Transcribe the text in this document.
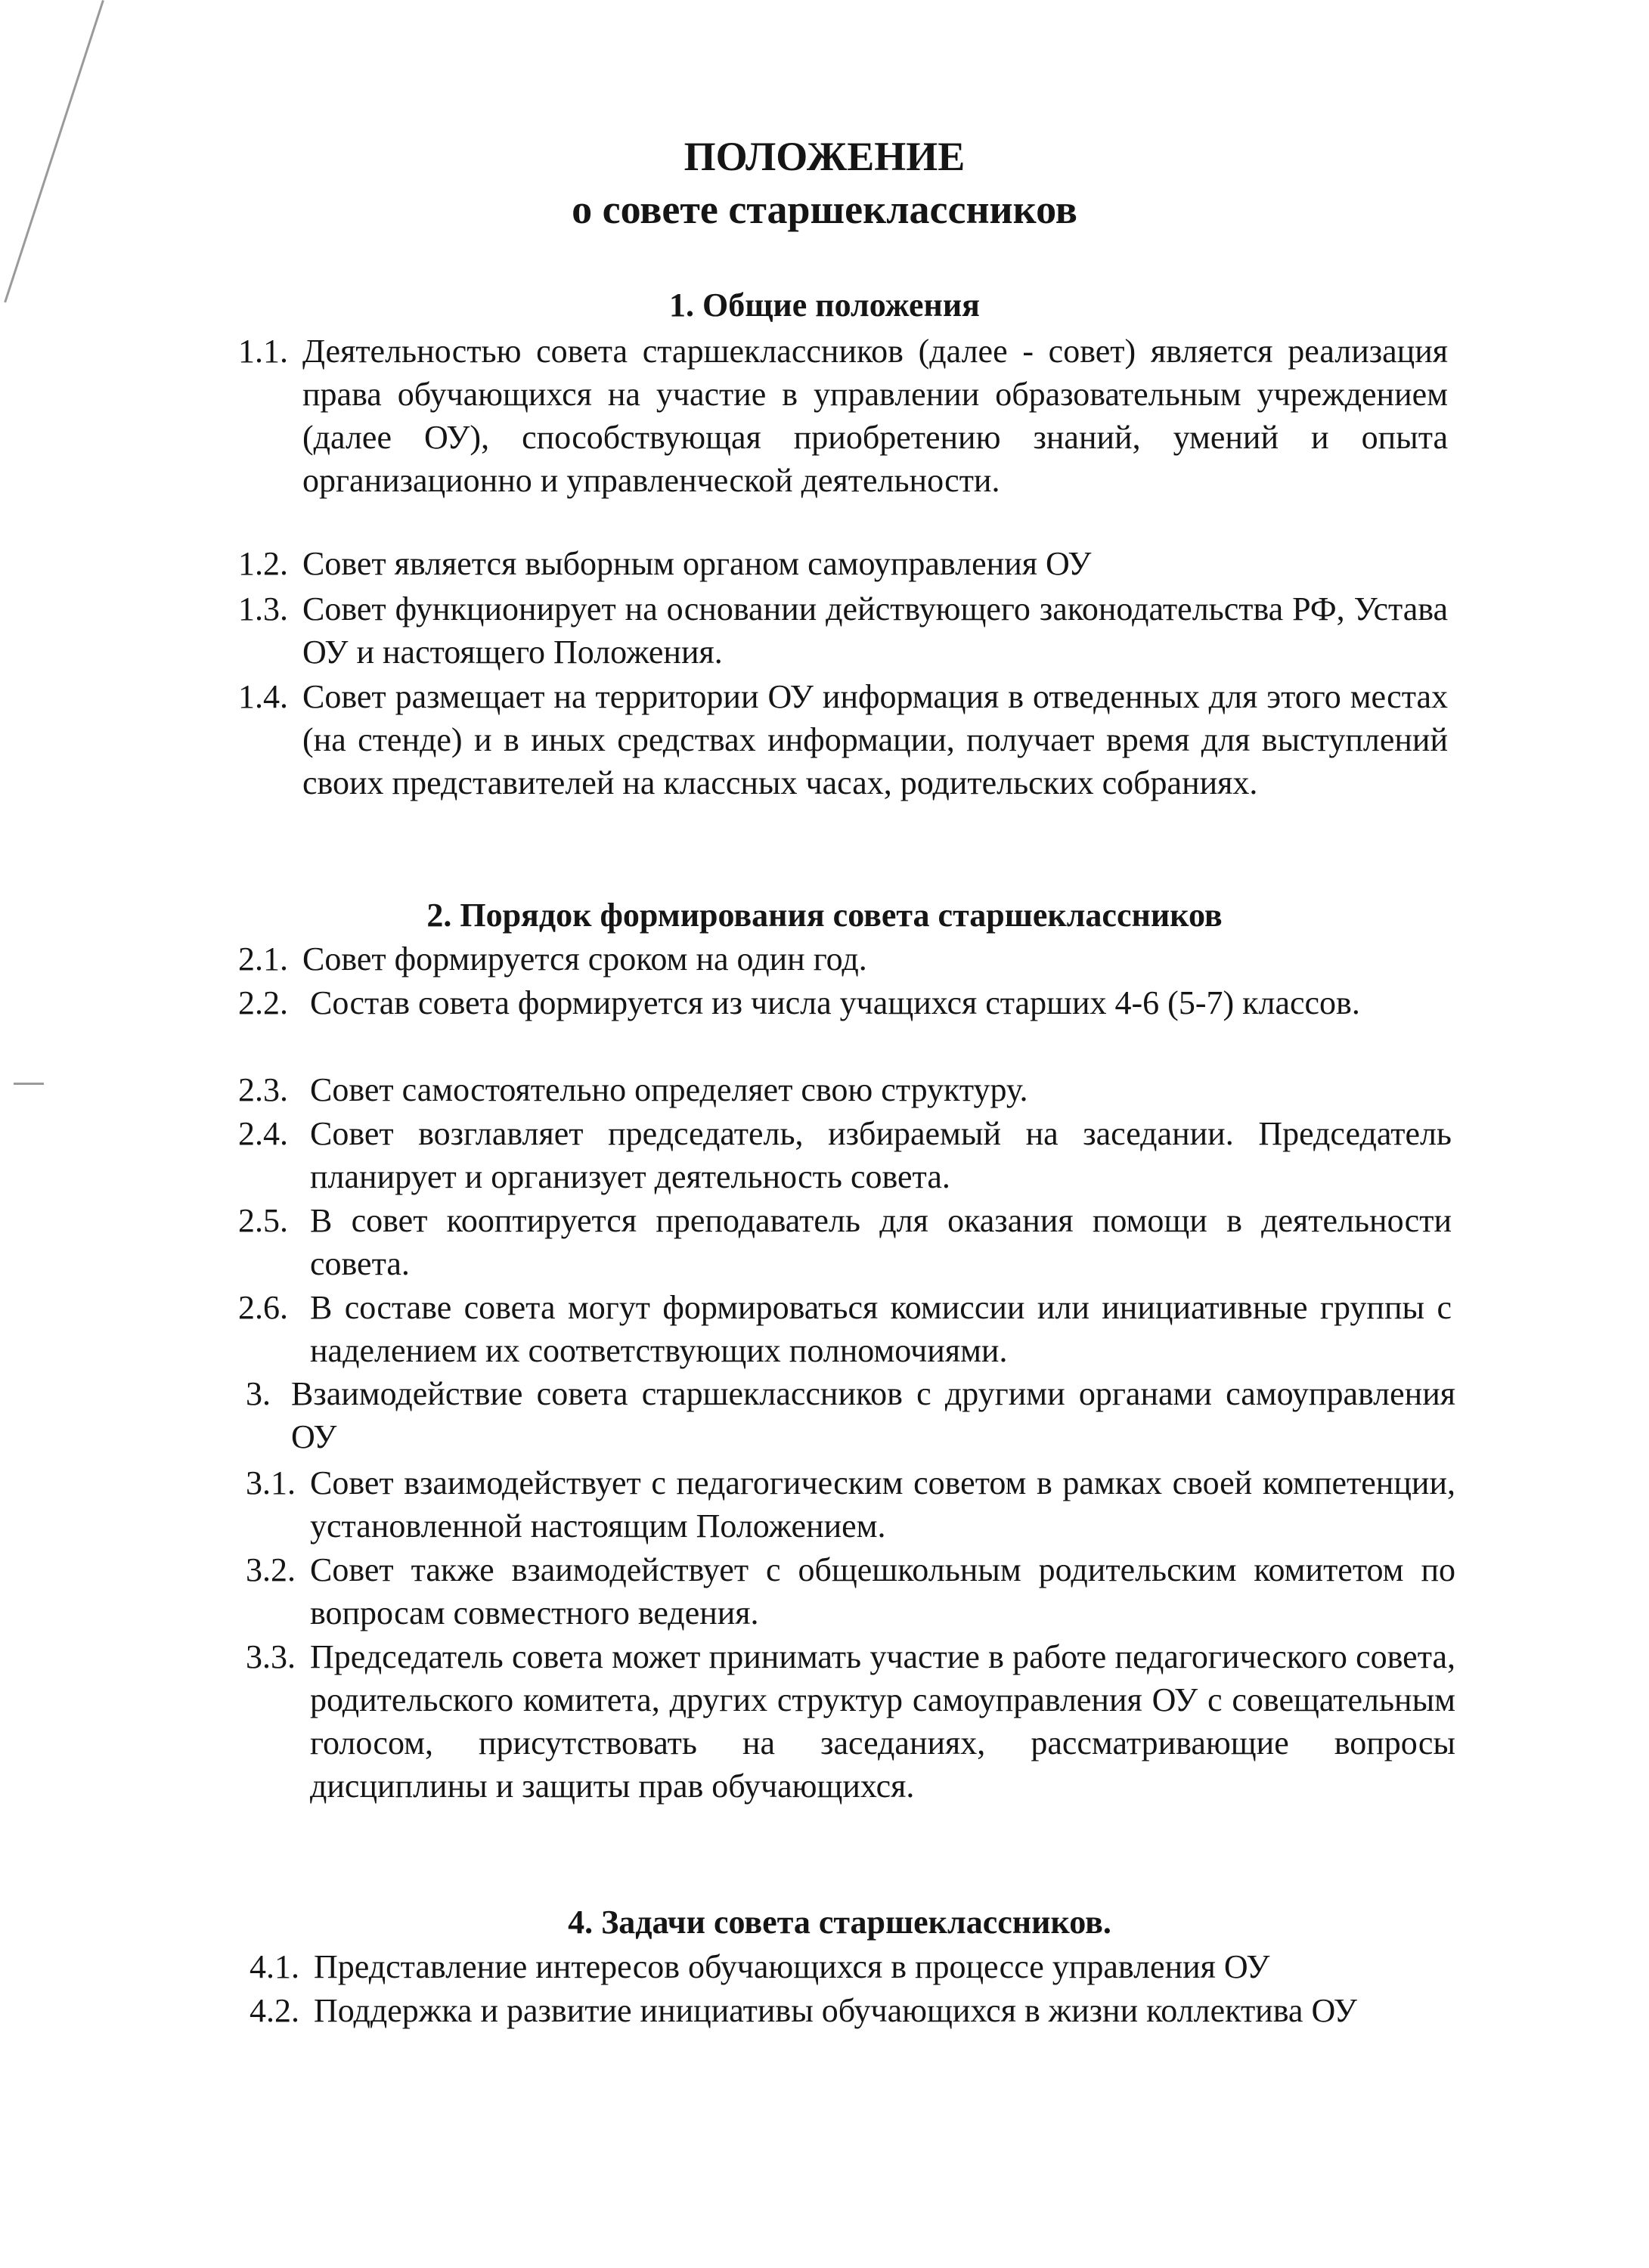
ПОЛОЖЕНИЕ
о совете старшеклассников
1. Общие положения
1.1. Деятельностью совета старшеклассников (далее - совет) является реализация права обучающихся на участие в управлении образовательным учреждением (далее ОУ), способствующая приобретению знаний, умений и опыта организационно и управленческой деятельности.
1.2. Совет является выборным органом самоуправления ОУ
1.3. Совет функционирует на основании действующего законодательства РФ, Устава ОУ и настоящего Положения.
1.4. Совет размещает на территории ОУ информация в отведенных для этого местах (на стенде) и в иных средствах информации, получает время для выступлений своих представителей на классных часах, родительских собраниях.
2. Порядок формирования совета старшеклассников
2.1. Совет формируется сроком на один год.
2.2. Состав совета формируется из числа учащихся старших 4-6 (5-7) классов.
2.3. Совет самостоятельно определяет свою структуру.
2.4. Совет возглавляет председатель, избираемый на заседании. Председатель планирует и организует деятельность совета.
2.5. В совет кооптируется преподаватель для оказания помощи в деятельности совета.
2.6. В составе совета могут формироваться комиссии или инициативные группы с наделением их соответствующих полномочиями.
3. Взаимодействие совета старшеклассников с другими органами самоуправления ОУ
3.1. Совет взаимодействует с педагогическим советом в рамках своей компетенции, установленной настоящим Положением.
3.2. Совет также взаимодействует с общешкольным родительским комитетом по вопросам совместного ведения.
3.3. Председатель совета может принимать участие в работе педагогического совета, родительского комитета, других структур самоуправления ОУ с совещательным голосом, присутствовать на заседаниях, рассматривающие вопросы дисциплины и защиты прав обучающихся.
4. Задачи совета старшеклассников.
4.1. Представление интересов обучающихся в процессе управления ОУ
4.2. Поддержка и развитие инициативы обучающихся в жизни коллектива ОУ
